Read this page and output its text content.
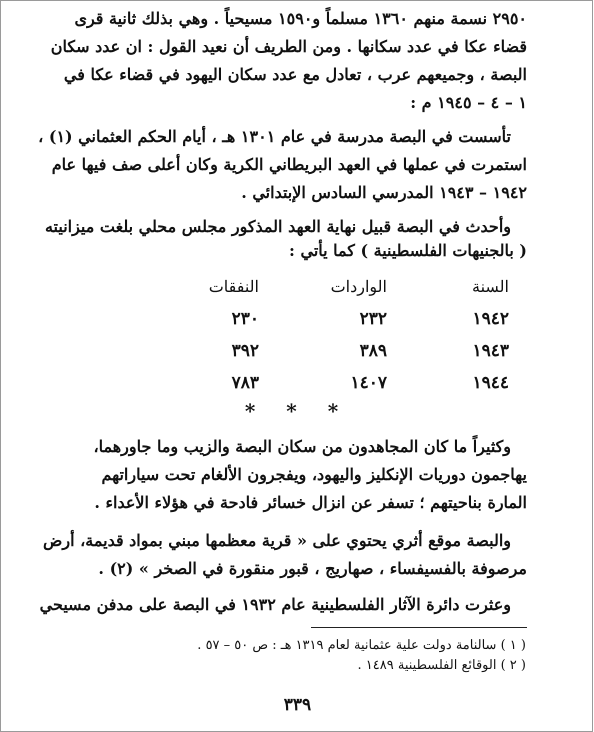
٢٩٥٠ نسمة منهم ١٣٦٠ مسلماً و١٥٩٠ مسيحياً . وهي بذلك ثانية قرى
قضاء عكا في عدد سكانها . ومن الطريف أن نعيد القول : ان عدد سكان
البصة ، وجميعهم عرب ، تعادل مع عدد سكان اليهود في قضاء عكا في
١ – ٤ – ١٩٤٥ م :
تأسست في البصة مدرسة في عام ١٣٠١ هـ ، أيام الحكم العثماني (١) ،
استمرت في عملها في العهد البريطاني الكرية وكان أعلى صف فيها عام
١٩٤٢ – ١٩٤٣ المدرسي السادس الإبتدائي .
وأحدث في البصة قبيل نهاية العهد المذكور مجلس محلي بلغت ميزانيته
( بالجنيهات الفلسطينية ) كما يأتي :
السنة
الواردات
النفقات
١٩٤٢
٢٣٢
٢٣٠
١٩٤٣
٣٨٩
٣٩٢
١٩٤٤
١٤٠٧
٧٨٣
* * *
وكثيراً ما كان المجاهدون من سكان البصة والزيب وما جاورهما،
يهاجمون دوريات الإنكليز واليهود، ويفجرون الألغام تحت سياراتهم
المارة بناحيتهم ؛ تسفر عن انزال خسائر فادحة في هؤلاء الأعداء .
والبصة موقع أثري يحتوي على « قرية معظمها مبني بمواد قديمة، أرض
مرصوفة بالفسيفساء ، صهاريج ، قبور منقورة في الصخر » (٢) .
وعثرت دائرة الآثار الفلسطينية عام ١٩٣٢ في البصة على مدفن مسيحي
( ١ ) سالنامة دولت علية عثمانية لعام ١٣١٩ هـ : ص ٥٠ – ٥٧ .
( ٢ ) الوقائع الفلسطينية ١٤٨٩ .
٣٣٩
